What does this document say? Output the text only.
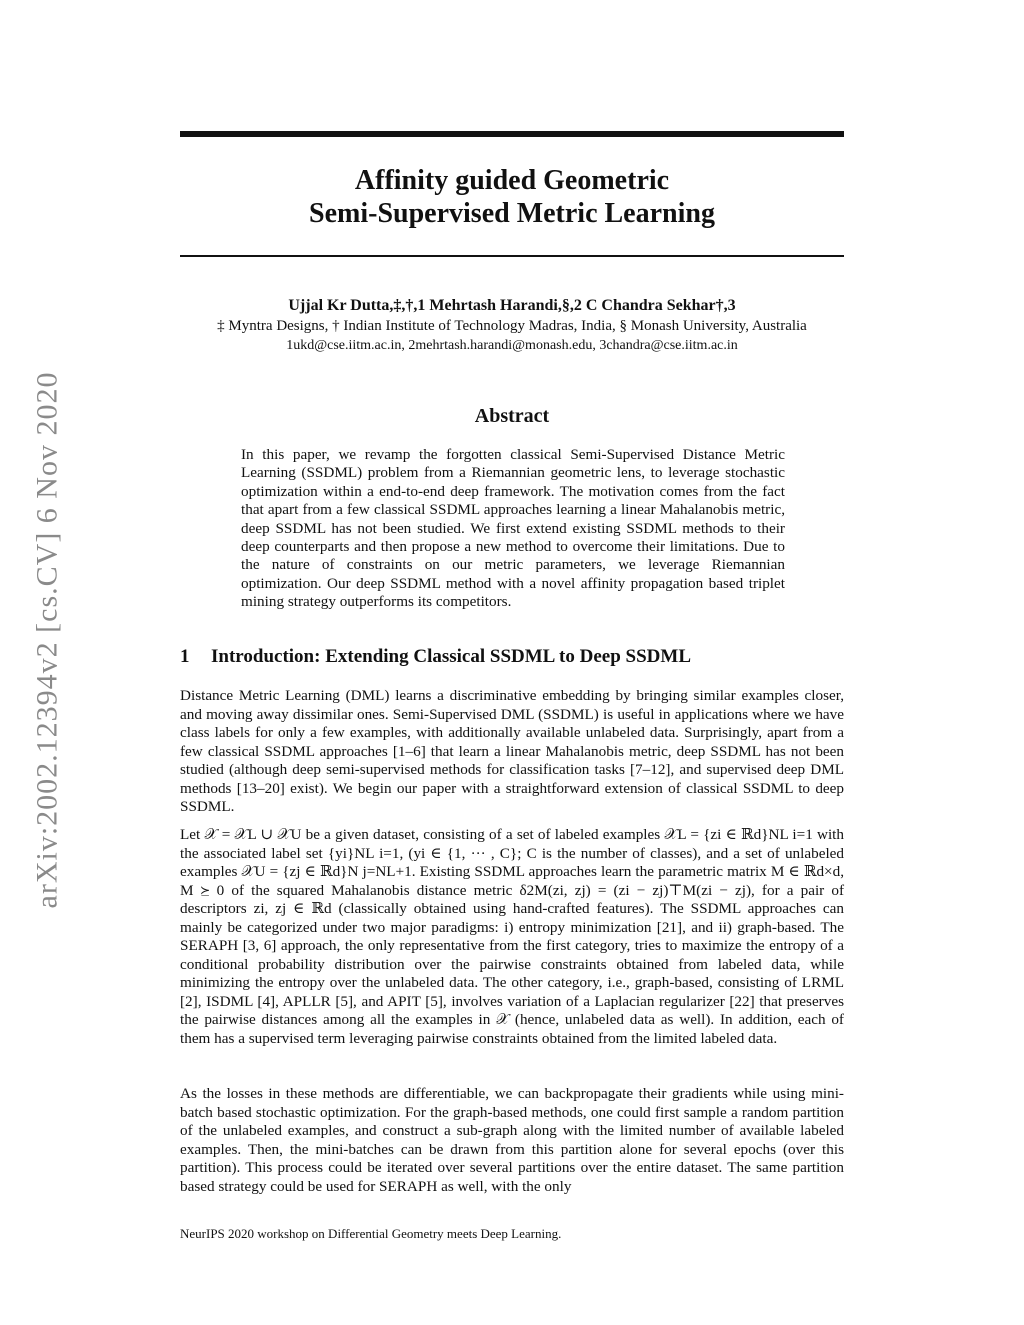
arXiv:2002.12394v2 [cs.CV] 6 Nov 2020
Affinity guided Geometric
Semi-Supervised Metric Learning
Ujjal Kr Dutta,‡,†,1 Mehrtash Harandi,§,2 C Chandra Sekhar†,3
‡ Myntra Designs, † Indian Institute of Technology Madras, India, § Monash University, Australia
1ukd@cse.iitm.ac.in, 2mehrtash.harandi@monash.edu, 3chandra@cse.iitm.ac.in
Abstract
In this paper, we revamp the forgotten classical Semi-Supervised Distance Metric Learning (SSDML) problem from a Riemannian geometric lens, to leverage stochastic optimization within a end-to-end deep framework. The motivation comes from the fact that apart from a few classical SSDML approaches learning a linear Mahalanobis metric, deep SSDML has not been studied. We first extend existing SSDML methods to their deep counterparts and then propose a new method to overcome their limitations. Due to the nature of constraints on our metric parameters, we leverage Riemannian optimization. Our deep SSDML method with a novel affinity propagation based triplet mining strategy outperforms its competitors.
1 Introduction: Extending Classical SSDML to Deep SSDML
Distance Metric Learning (DML) learns a discriminative embedding by bringing similar examples closer, and moving away dissimilar ones. Semi-Supervised DML (SSDML) is useful in applications where we have class labels for only a few examples, with additionally available unlabeled data. Surprisingly, apart from a few classical SSDML approaches [1–6] that learn a linear Mahalanobis metric, deep SSDML has not been studied (although deep semi-supervised methods for classification tasks [7–12], and supervised deep DML methods [13–20] exist). We begin our paper with a straightforward extension of classical SSDML to deep SSDML.
Let 𝒳 = 𝒳L ∪ 𝒳U be a given dataset, consisting of a set of labeled examples 𝒳L = {zi ∈ ℝd}NL i=1 with the associated label set {yi}NL i=1, (yi ∈ {1, ··· , C}; C is the number of classes), and a set of unlabeled examples 𝒳U = {zj ∈ ℝd}N j=NL+1. Existing SSDML approaches learn the parametric matrix M ∈ ℝd×d, M ⪰ 0 of the squared Mahalanobis distance metric δ2M(zi, zj) = (zi − zj)⊤M(zi − zj), for a pair of descriptors zi, zj ∈ ℝd (classically obtained using hand-crafted features). The SSDML approaches can mainly be categorized under two major paradigms: i) entropy minimization [21], and ii) graph-based. The SERAPH [3, 6] approach, the only representative from the first category, tries to maximize the entropy of a conditional probability distribution over the pairwise constraints obtained from labeled data, while minimizing the entropy over the unlabeled data. The other category, i.e., graph-based, consisting of LRML [2], ISDML [4], APLLR [5], and APIT [5], involves variation of a Laplacian regularizer [22] that preserves the pairwise distances among all the examples in 𝒳 (hence, unlabeled data as well). In addition, each of them has a supervised term leveraging pairwise constraints obtained from the limited labeled data.
As the losses in these methods are differentiable, we can backpropagate their gradients while using mini-batch based stochastic optimization. For the graph-based methods, one could first sample a random partition of the unlabeled examples, and construct a sub-graph along with the limited number of available labeled examples. Then, the mini-batches can be drawn from this partition alone for several epochs (over this partition). This process could be iterated over several partitions over the entire dataset. The same partition based strategy could be used for SERAPH as well, with the only
NeurIPS 2020 workshop on Differential Geometry meets Deep Learning.
